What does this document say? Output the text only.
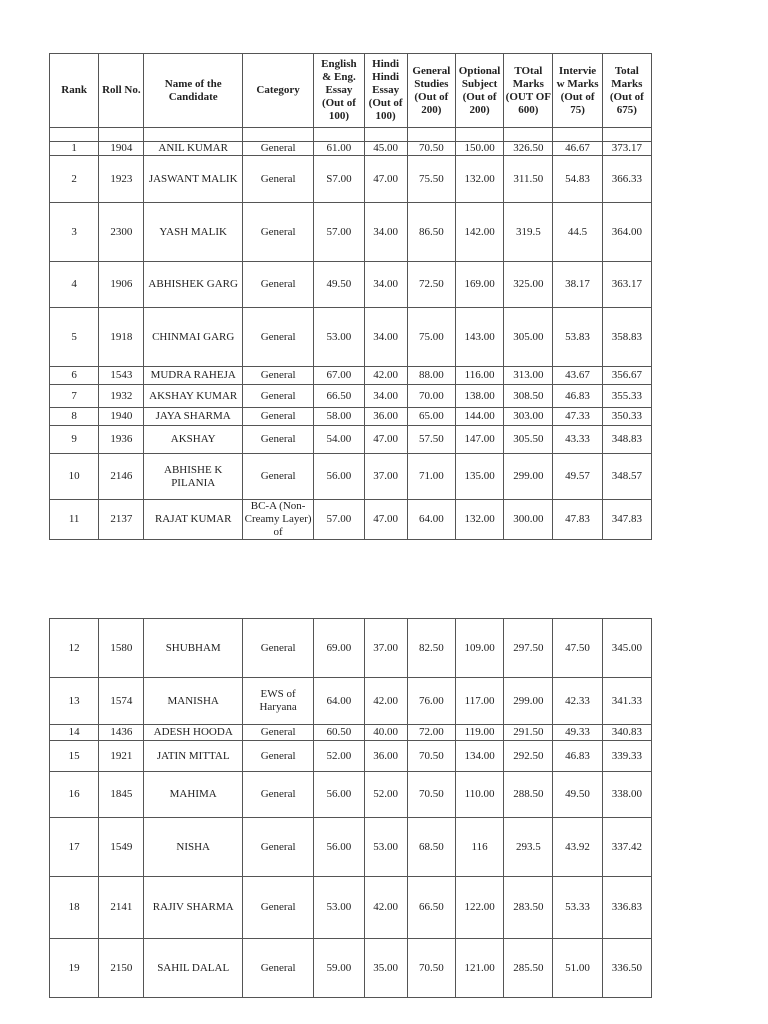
Rank	Roll No.	Name of the Candidate	Category	English & Eng. Essay (Out of 100)	Hindi Hindi Essay (Out of 100)	General Studies (Out of 200)	Optional Subject (Out of 200)	TOtal Marks (OUT OF 600)	Intervie w Marks (Out of 75)	Total Marks (Out of 675)

1	1904	ANIL KUMAR	General	61.00	45.00	70.50	150.00	326.50	46.67	373.17
2	1923	JASWANT MALIK	General	S7.00	47.00	75.50	132.00	311.50	54.83	366.33
3	2300	YASH MALIK	General	57.00	34.00	86.50	142.00	319.5	44.5	364.00
4	1906	ABHISHEK GARG	General	49.50	34.00	72.50	169.00	325.00	38.17	363.17
5	1918	CHINMAI GARG	General	53.00	34.00	75.00	143.00	305.00	53.83	358.83
6	1543	MUDRA RAHEJA	General	67.00	42.00	88.00	116.00	313.00	43.67	356.67
7	1932	AKSHAY KUMAR	General	66.50	34.00	70.00	138.00	308.50	46.83	355.33
8	1940	JAYA SHARMA	General	58.00	36.00	65.00	144.00	303.00	47.33	350.33
9	1936	AKSHAY	General	54.00	47.00	57.50	147.00	305.50	43.33	348.83
10	2146	ABHISHE K PILANIA	General	56.00	37.00	71.00	135.00	299.00	49.57	348.57
11	2137	RAJAT KUMAR	BC-A (Non-Creamy Layer) of	57.00	47.00	64.00	132.00	300.00	47.83	347.83
12	1580	SHUBHAM	General	69.00	37.00	82.50	109.00	297.50	47.50	345.00
13	1574	MANISHA	EWS of Haryana	64.00	42.00	76.00	117.00	299.00	42.33	341.33
14	1436	ADESH HOODA	General	60.50	40.00	72.00	119.00	291.50	49.33	340.83
15	1921	JATIN MITTAL	General	52.00	36.00	70.50	134.00	292.50	46.83	339.33
16	1845	MAHIMA	General	56.00	52.00	70.50	110.00	288.50	49.50	338.00
17	1549	NISHA	General	56.00	53.00	68.50	116	293.5	43.92	337.42
18	2141	RAJIV SHARMA	General	53.00	42.00	66.50	122.00	283.50	53.33	336.83
19	2150	SAHIL DALAL	General	59.00	35.00	70.50	121.00	285.50	51.00	336.50
